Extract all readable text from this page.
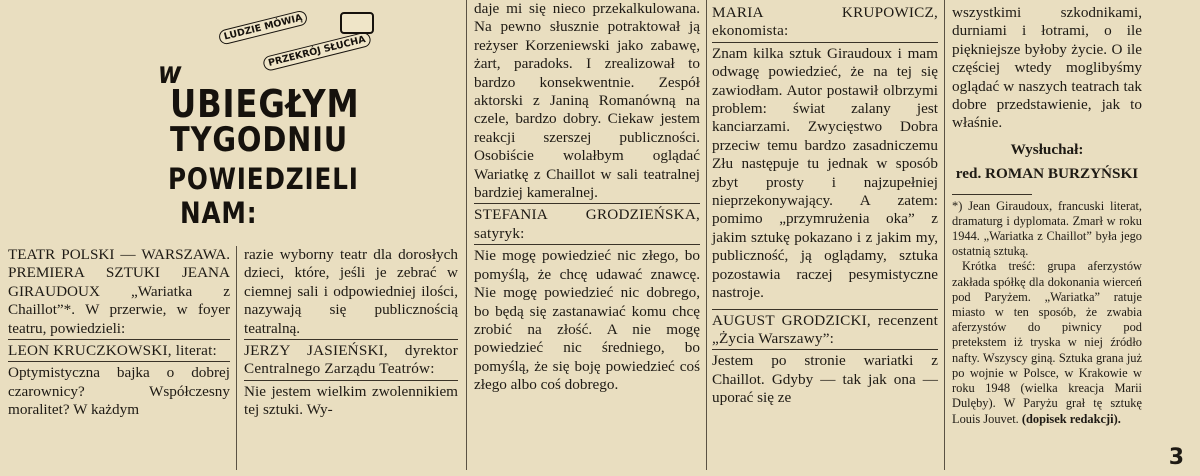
LUDZIE MÓWIĄ
PRZEKRÓJ SŁUCHA
w
UBIEGŁYM
TYGODNIU
POWIEDZIELI
NAM:

TEATR POLSKI — WARSZAWA. PREMIERA SZTUKI JEANA GIRAUDOUX „Wariatka z Chaillot”*. W przerwie, w foyer teatru, powiedzieli:

LEON KRUCZKOWSKI, literat:

Optymistyczna bajka o dobrej czarownicy? Współczesny moralitet? W każdym

razie wyborny teatr dla dorosłych dzieci, które, jeśli je zebrać w ciemnej sali i odpowiedniej ilości, nazywają się publicznością teatralną.

JERZY JASIEŃSKI, dyrektor Centralnego Zarządu Teatrów:

Nie jestem wielkim zwolennikiem tej sztuki. Wy-

daje mi się nieco przekalkulowana. Na pewno słusznie potraktował ją reżyser Korzeniewski jako zabawę, żart, paradoks. I zrealizował to bardzo konsekwentnie. Zespół aktorski z Janiną Romanówną na czele, bardzo dobry. Ciekaw jestem reakcji szerszej publiczności. Osobiście wolałbym oglądać Wariatkę z Chaillot w sali teatralnej bardziej kameralnej.

STEFANIA GRODZIEŃSKA, satyryk:

Nie mogę powiedzieć nic złego, bo pomyślą, że chcę udawać znawcę. Nie mogę powiedzieć nic dobrego, bo będą się zastanawiać komu chcę zrobić na złość. A nie mogę powiedzieć nic średniego, bo pomyślą, że się boję powiedzieć coś złego albo coś dobrego.

MARIA KRUPOWICZ, ekonomista:

Znam kilka sztuk Giraudoux i mam odwagę powiedzieć, że na tej się zawiodłam. Autor postawił olbrzymi problem: świat zalany jest kanciarzami. Zwycięstwo Dobra przeciw temu bardzo zasadniczemu Złu następuje tu jednak w sposób zbyt prosty i najzupełniej nieprzekonywający. A zatem: pomimo „przymrużenia oka” z jakim sztukę pokazano i z jakim my, publiczność, ją oglądamy, sztuka pozostawia raczej pesymistyczne nastroje.

AUGUST GRODZICKI, recenzent „Życia Warszawy”:

Jestem po stronie wariatki z Chaillot. Gdyby — tak jak ona — uporać się ze

wszystkimi szkodnikami, durniami i łotrami, o ile piękniejsze byłoby życie. O ile częściej wtedy moglibyśmy oglądać w naszych teatrach tak dobre przedstawienie, jak to właśnie.

Wysłuchał:

red. ROMAN BURZYŃSKI

*) Jean Giraudoux, francuski literat, dramaturg i dyplomata. Zmarł w roku 1944. „Wariatka z Chaillot” była jego ostatnią sztuką.

Krótka treść: grupa aferzystów zakłada spółkę dla dokonania wierceń pod Paryżem. „Wariatka” ratuje miasto w ten sposób, że zwabia aferzystów do piwnicy pod pretekstem iż tryska w niej źródło nafty. Wszyscy giną. Sztuka grana już po wojnie w Polsce, w Krakowie w roku 1948 (wielka kreacja Marii Dulęby). W Paryżu grał tę sztukę Louis Jouvet. (dopisek redakcji).

3
